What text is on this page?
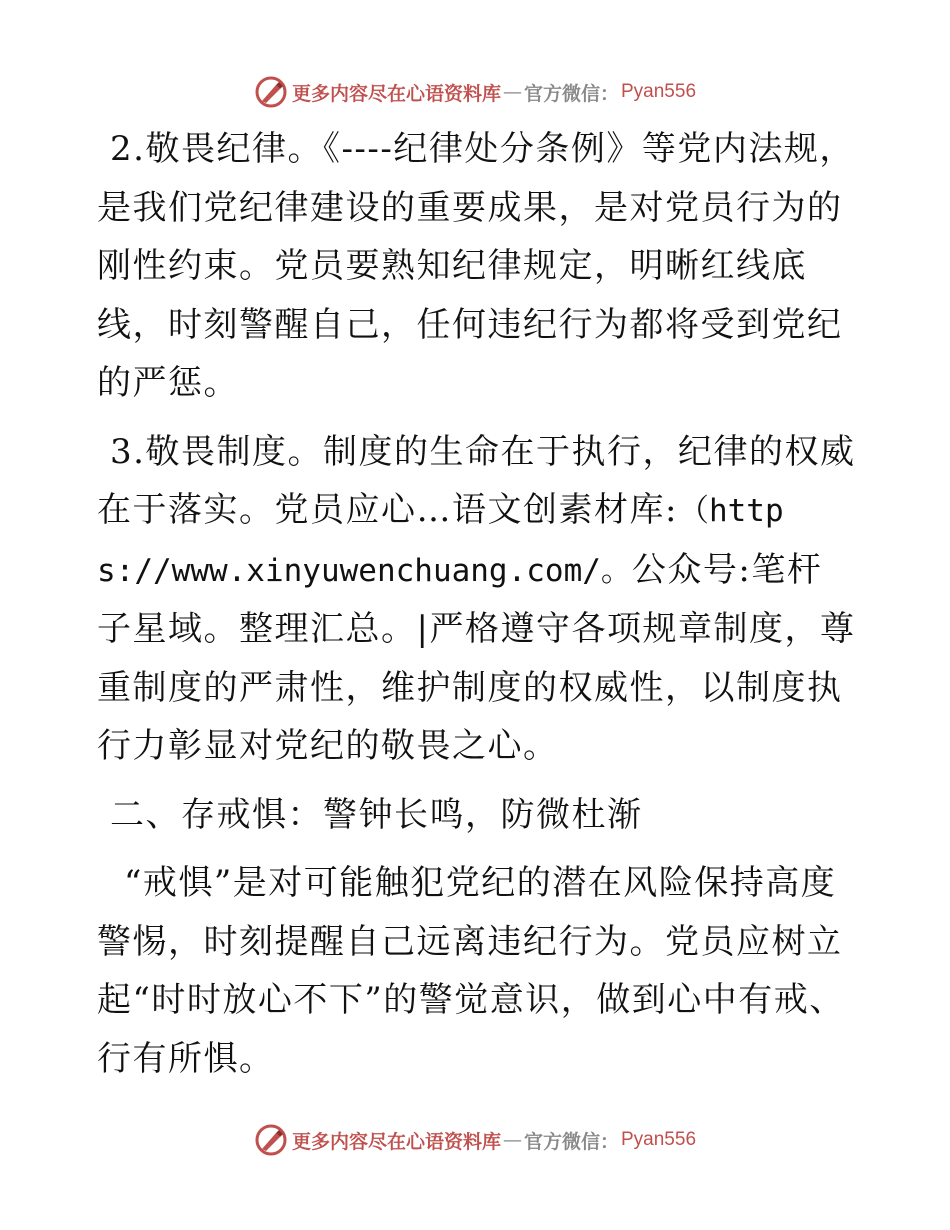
更多内容尽在心语资料库 — 官方微信： Pyan556

2.敬畏纪律。《----纪律处分条例》等党内法规，是我们党纪律建设的重要成果，是对党员行为的刚性约束。党员要熟知纪律规定，明晰红线底线，时刻警醒自己，任何违纪行为都将受到党纪的严惩。

3.敬畏制度。制度的生命在于执行，纪律的权威在于落实。党员应心…语文创素材库:（https://www.xinyuwenchuang.com/。公众号:笔杆子星域。整理汇总。|严格遵守各项规章制度，尊重制度的严肃性，维护制度的权威性，以制度执行力彰显对党纪的敬畏之心。

二、存戒惧：警钟长鸣，防微杜渐

“戒惧”是对可能触犯党纪的潜在风险保持高度警惕，时刻提醒自己远离违纪行为。党员应树立起“时时放心不下”的警觉意识，做到心中有戒、行有所惧。

更多内容尽在心语资料库 — 官方微信： Pyan556
